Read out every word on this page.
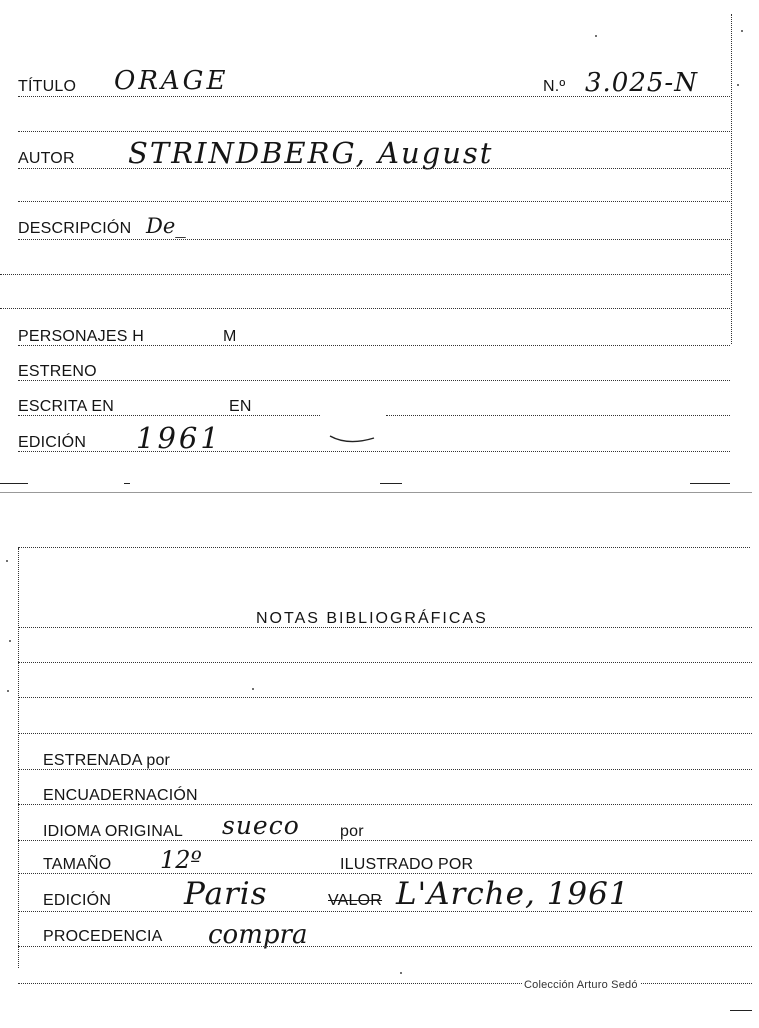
TÍTULO ORAGE	N.º 3.025-N
AUTOR STRINDBERG, August
DESCRIPCIÓN De_
PERSONAJES H	M
ESTRENO
ESCRITA EN	EN
EDICIÓN 1961
NOTAS BIBLIOGRÁFICAS
ESTRENADA por
ENCUADERNACIÓN
IDIOMA ORIGINAL sueco	por
TAMAÑO 12º	ILUSTRADO POR
EDICIÓN Paris	VALOR L'Arche, 1961
PROCEDENCIA compra
Colección Arturo Sedó
